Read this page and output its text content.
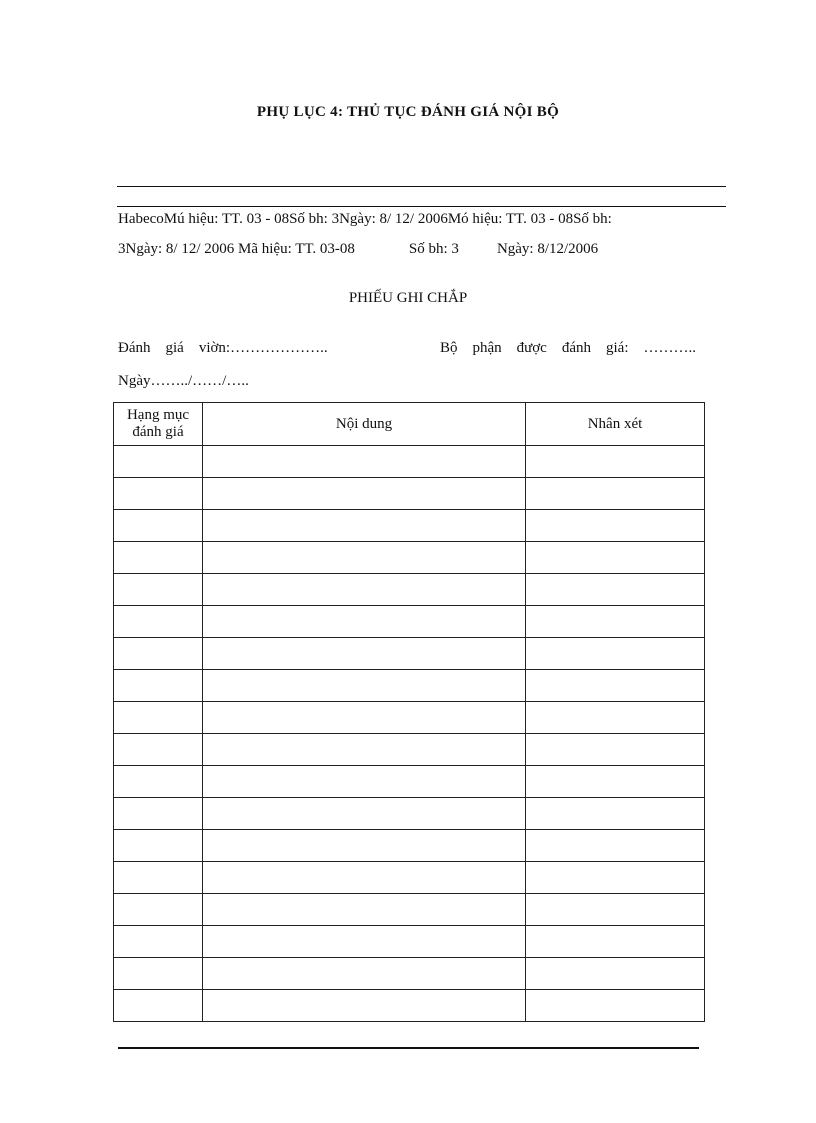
PHỤ LỤC 4: THỦ TỤC ĐÁNH GIÁ NỘI BỘ
HabecoMú hiệu: TT. 03 - 08Số bh: 3Ngày: 8/ 12/ 2006Mó hiệu: TT. 03 - 08Số bh:
3Ngày: 8/ 12/ 2006 Mã hiệu: TT. 03-08	Số bh: 3	Ngày: 8/12/2006
PHIẾU GHI CHẮP
Đánh    giá    viờn:………………..	Bộ    phận    được    đánh    giá:    ………..
Ngày……../……/…..
Hạng mục đánh giá	Nội dung	Nhân xét
